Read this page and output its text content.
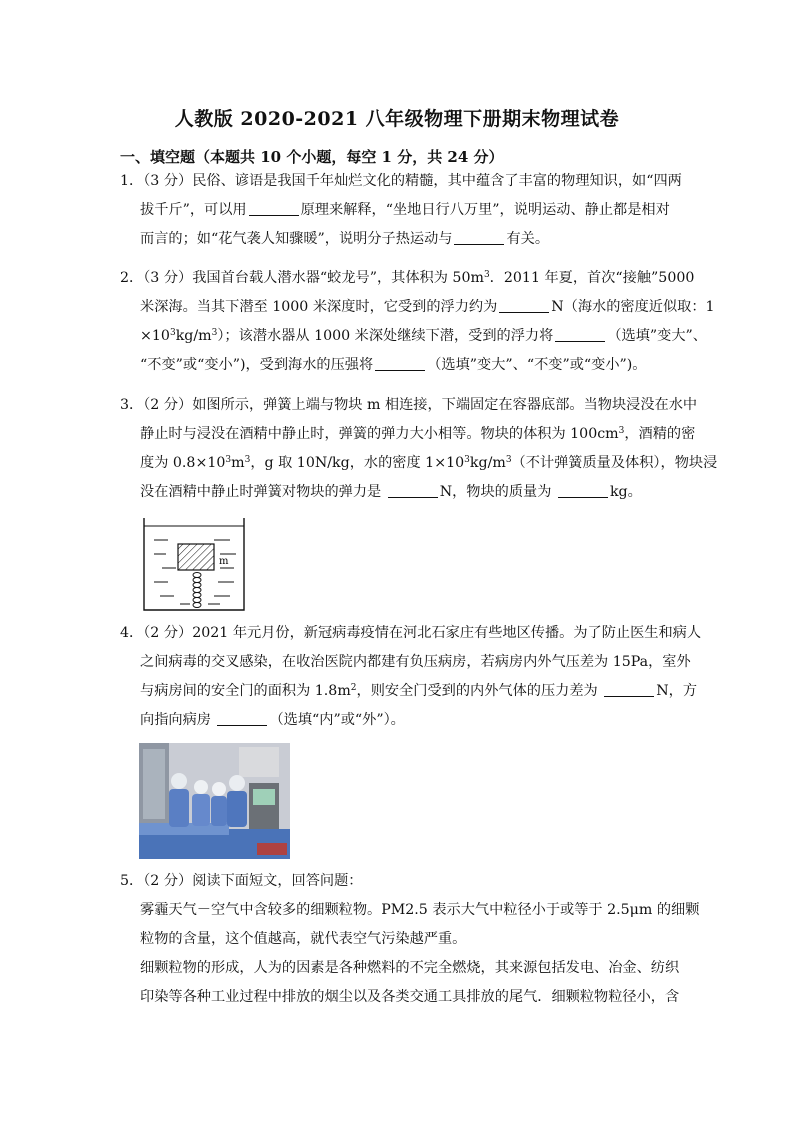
人教版 2020-2021 八年级物理下册期末物理试卷
一、填空题（本题共 10 个小题，每空 1 分，共 24 分）
1．（3 分）民俗、谚语是我国千年灿烂文化的精髓，其中蕴含了丰富的物理知识，如“四两
拔千斤”，可以用	原理来解释，“坐地日行八万里”，说明运动、静止都是相对
而言的；如“花气袭人知骤暖”，说明分子热运动与	有关。
2．（3 分）我国首台载人潜水器“蛟龙号”，其体积为 $50m^3$．2011 年夏，首次“接触”5000
米深海。当其下潜至 1000 米深度时，它受到的浮力约为	N（海水的密度近似取：1
$\times 10^3kg/m^3$）；该潜水器从 1000 米深处继续下潜，受到的浮力将	（选填”变大”、
“不变”或“变小”)，受到海水的压强将	（选填”变大”、“不变”或“变小”)。
3．（2 分）如图所示，弹簧上端与物块 m 相连接，下端固定在容器底部。当物块浸没在水中
静止时与浸没在酒精中静止时，弹簧的弹力大小相等。物块的体积为 $100cm^3$，酒精的密
度为 $0.8\times 10^3m^3$，g 取 10N/kg，水的密度 $1\times 10^3kg/m^3$（不计弹簧质量及体积），物块浸
没在酒精中静止时弹簧对物块的弹力是	N，物块的质量为	kg。
m
4．（2 分）2021 年元月份，新冠病毒疫情在河北石家庄有些地区传播。为了防止医生和病人
之间病毒的交叉感染，在收治医院内都建有负压病房，若病房内外气压差为 15Pa，室外
与病房间的安全门的面积为 $1.8m^2$，则安全门受到的内外气体的压力差为	N，方
向指向病房	（选填“内”或“外”）。
5．（2 分）阅读下面短文，回答问题：
雾霾天气－空气中含较多的细颗粒物。PM2.5 表示大气中粒径小于或等于 2.5μm 的细颗
粒物的含量，这个值越高，就代表空气污染越严重。
细颗粒物的形成，人为的因素是各种燃料的不完全燃烧，其来源包括发电、冶金、纺织
印染等各种工业过程中排放的烟尘以及各类交通工具排放的尾气．细颗粒物粒径小，含
